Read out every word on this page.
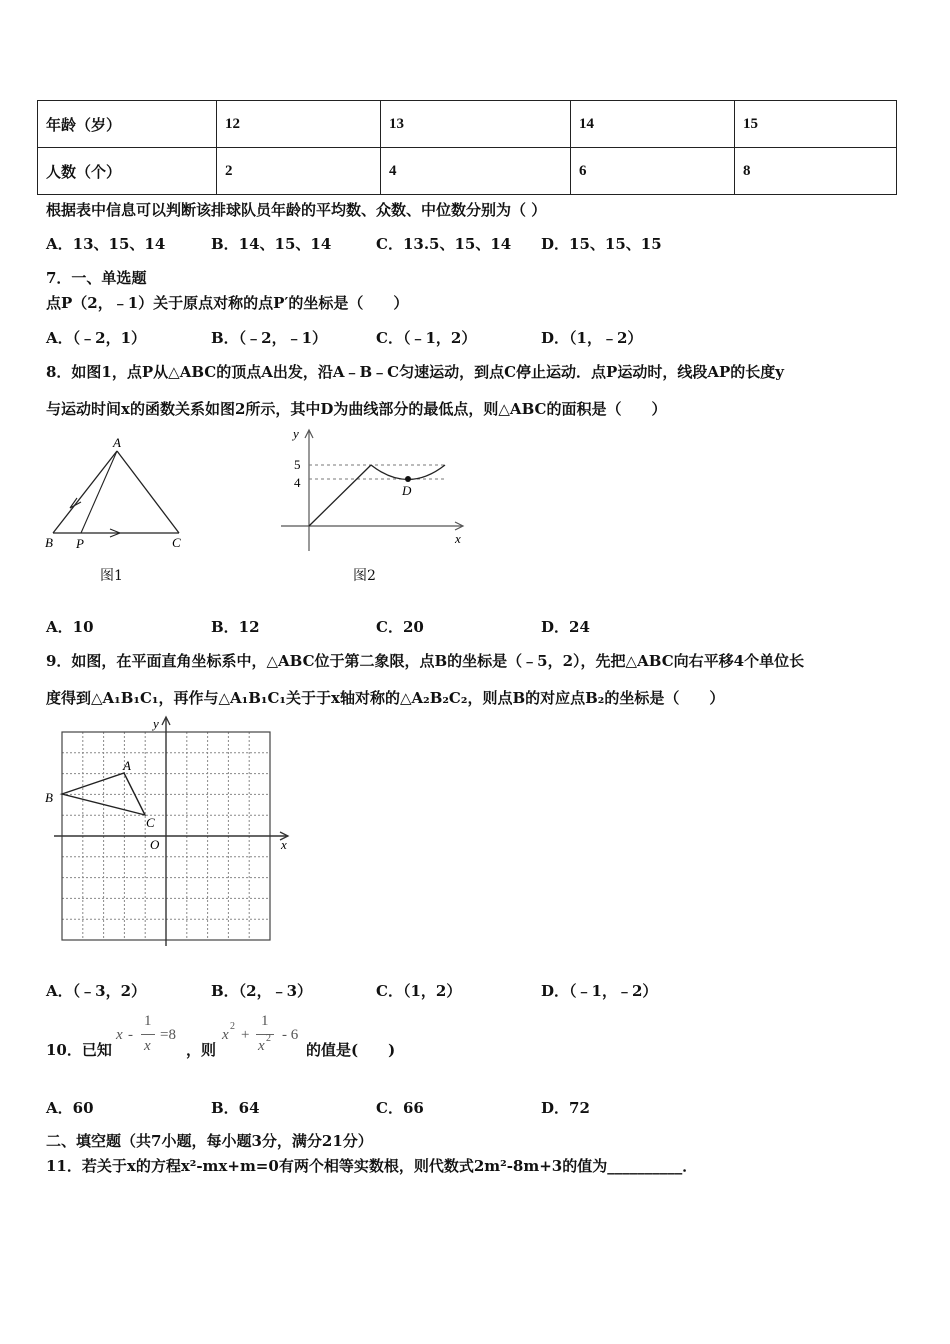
年龄（岁）	12	13	14	15
人数（个）	2	4	6	8
根据表中信息可以判断该排球队员年龄的平均数、众数、中位数分别为（ ）
A．13、15、14	B．14、15、14	C．13.5、15、14 D．15、15、15
7．一、单选题
点P（2，﹣1）关于原点对称的点P′的坐标是（　　）
A．（﹣2，1）	B．（﹣2，﹣1）	C．（﹣1，2）	D．（1，﹣2）
8．如图1，点P从△ABC的顶点A出发，沿A﹣B﹣C匀速运动，到点C停止运动．点P运动时，线段AP的长度y
与运动时间x的函数关系如图2所示，其中D为曲线部分的最低点，则△ABC的面积是（　　）
A
B P	C
图1
y
x
5
4
D
图2
A．10	B．12	C．20	D．24
9．如图，在平面直角坐标系中，△ABC位于第二象限，点B的坐标是（﹣5，2），先把△ABC向右平移4个单位长
度得到△A₁B₁C₁，再作与△A₁B₁C₁关于于x轴对称的△A₂B₂C₂，则点B的对应点B₂的坐标是（　　）
y
x
O
A
B
C
A．（﹣3，2）	B．（2，﹣3）	C．（1，2）	D．（﹣1，﹣2）
10．已知
x -
1
x
=8
，则
x
2
+
1
x 2 - 6
的值是(　　)
A．60	B．64	C．66	D．72
二、填空题（共7小题，每小题3分，满分21分）
11．若关于x的方程x²-mx+m=0有两个相等实数根，则代数式2m²-8m+3的值为__________．
